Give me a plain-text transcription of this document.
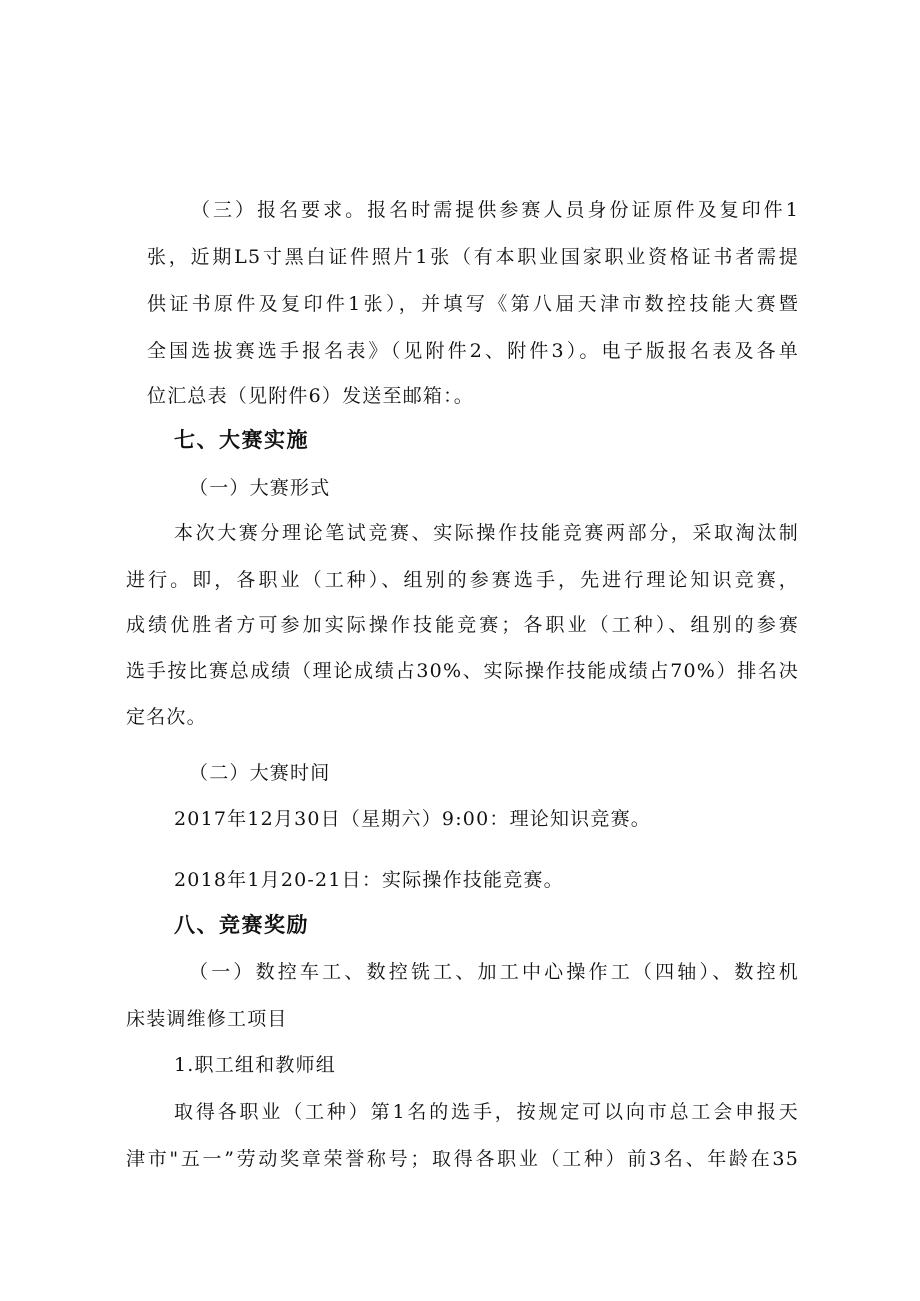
（三）报名要求。报名时需提供参赛人员身份证原件及复印件1
张，近期L5寸黑白证件照片1张（有本职业国家职业资格证书者需提
供证书原件及复印件1张），并填写《第八届天津市数控技能大赛暨
全国选拔赛选手报名表》（见附件2、附件3）。电子版报名表及各单
位汇总表（见附件6）发送至邮箱：。
七、大赛实施
（一）大赛形式
本次大赛分理论笔试竞赛、实际操作技能竞赛两部分，采取淘汰制
进行。即，各职业（工种）、组别的参赛选手，先进行理论知识竞赛，
成绩优胜者方可参加实际操作技能竞赛；各职业（工种）、组别的参赛
选手按比赛总成绩（理论成绩占30%、实际操作技能成绩占70%）排名决
定名次。
（二）大赛时间
2017年12月30日（星期六）9:00：理论知识竞赛。
2018年1月20-21日：实际操作技能竞赛。
八、竞赛奖励
（一）数控车工、数控铣工、加工中心操作工（四轴）、数控机
床装调维修工项目
1.职工组和教师组
取得各职业（工种）第1名的选手，按规定可以向市总工会申报天
津市"五一”劳动奖章荣誉称号；取得各职业（工种）前3名、年龄在35
